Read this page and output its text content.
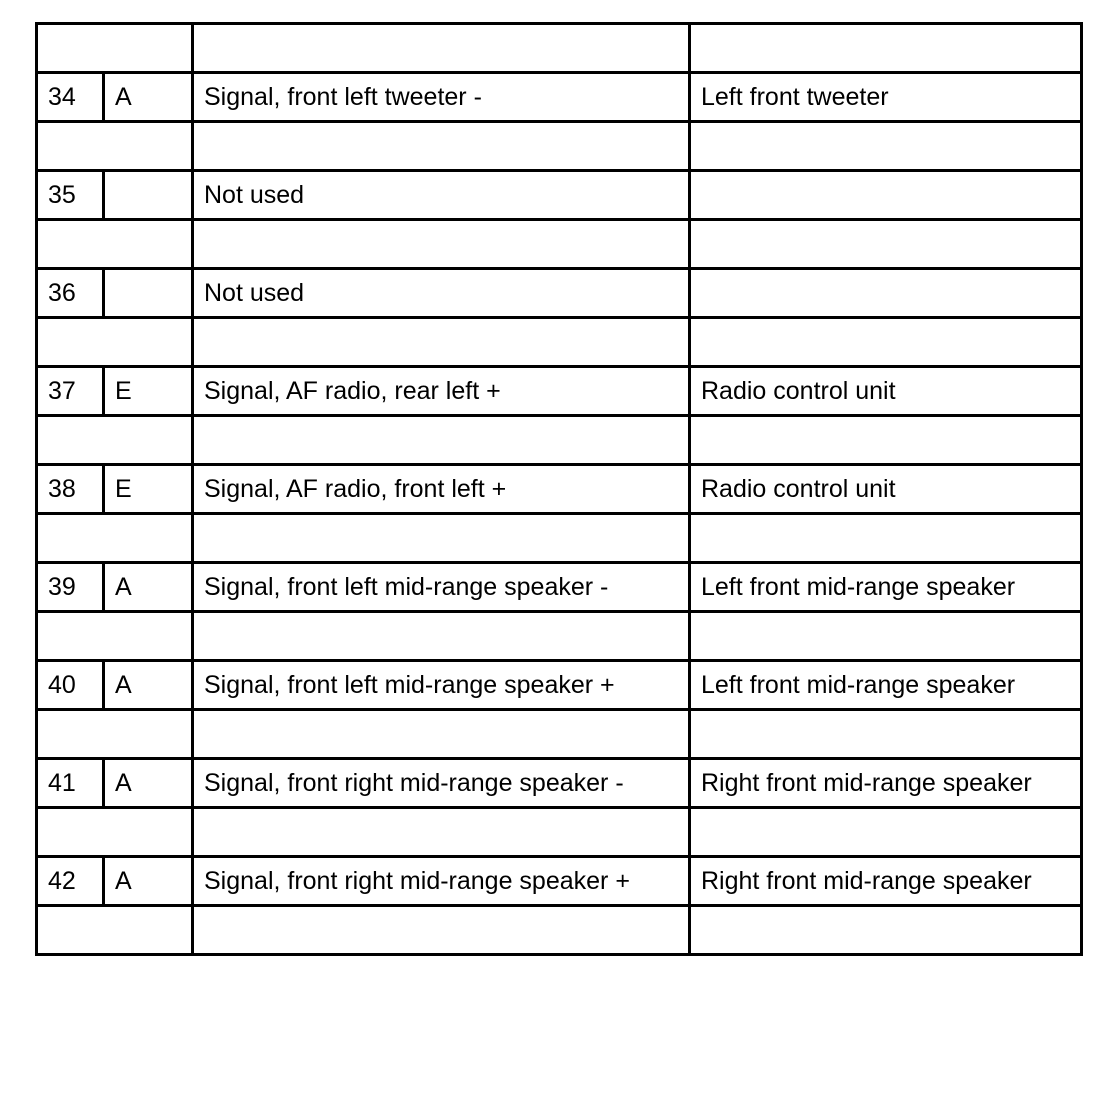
34	A	Signal, front left tweeter -	Left front tweeter

35		Not used	

36		Not used	

37	E	Signal, AF radio, rear left +	Radio control unit

38	E	Signal, AF radio, front left +	Radio control unit

39	A	Signal, front left mid-range speaker -	Left front mid-range speaker

40	A	Signal, front left mid-range speaker +	Left front mid-range speaker

41	A	Signal, front right mid-range speaker -	Right front mid-range speaker

42	A	Signal, front right mid-range speaker +	Right front mid-range speaker
